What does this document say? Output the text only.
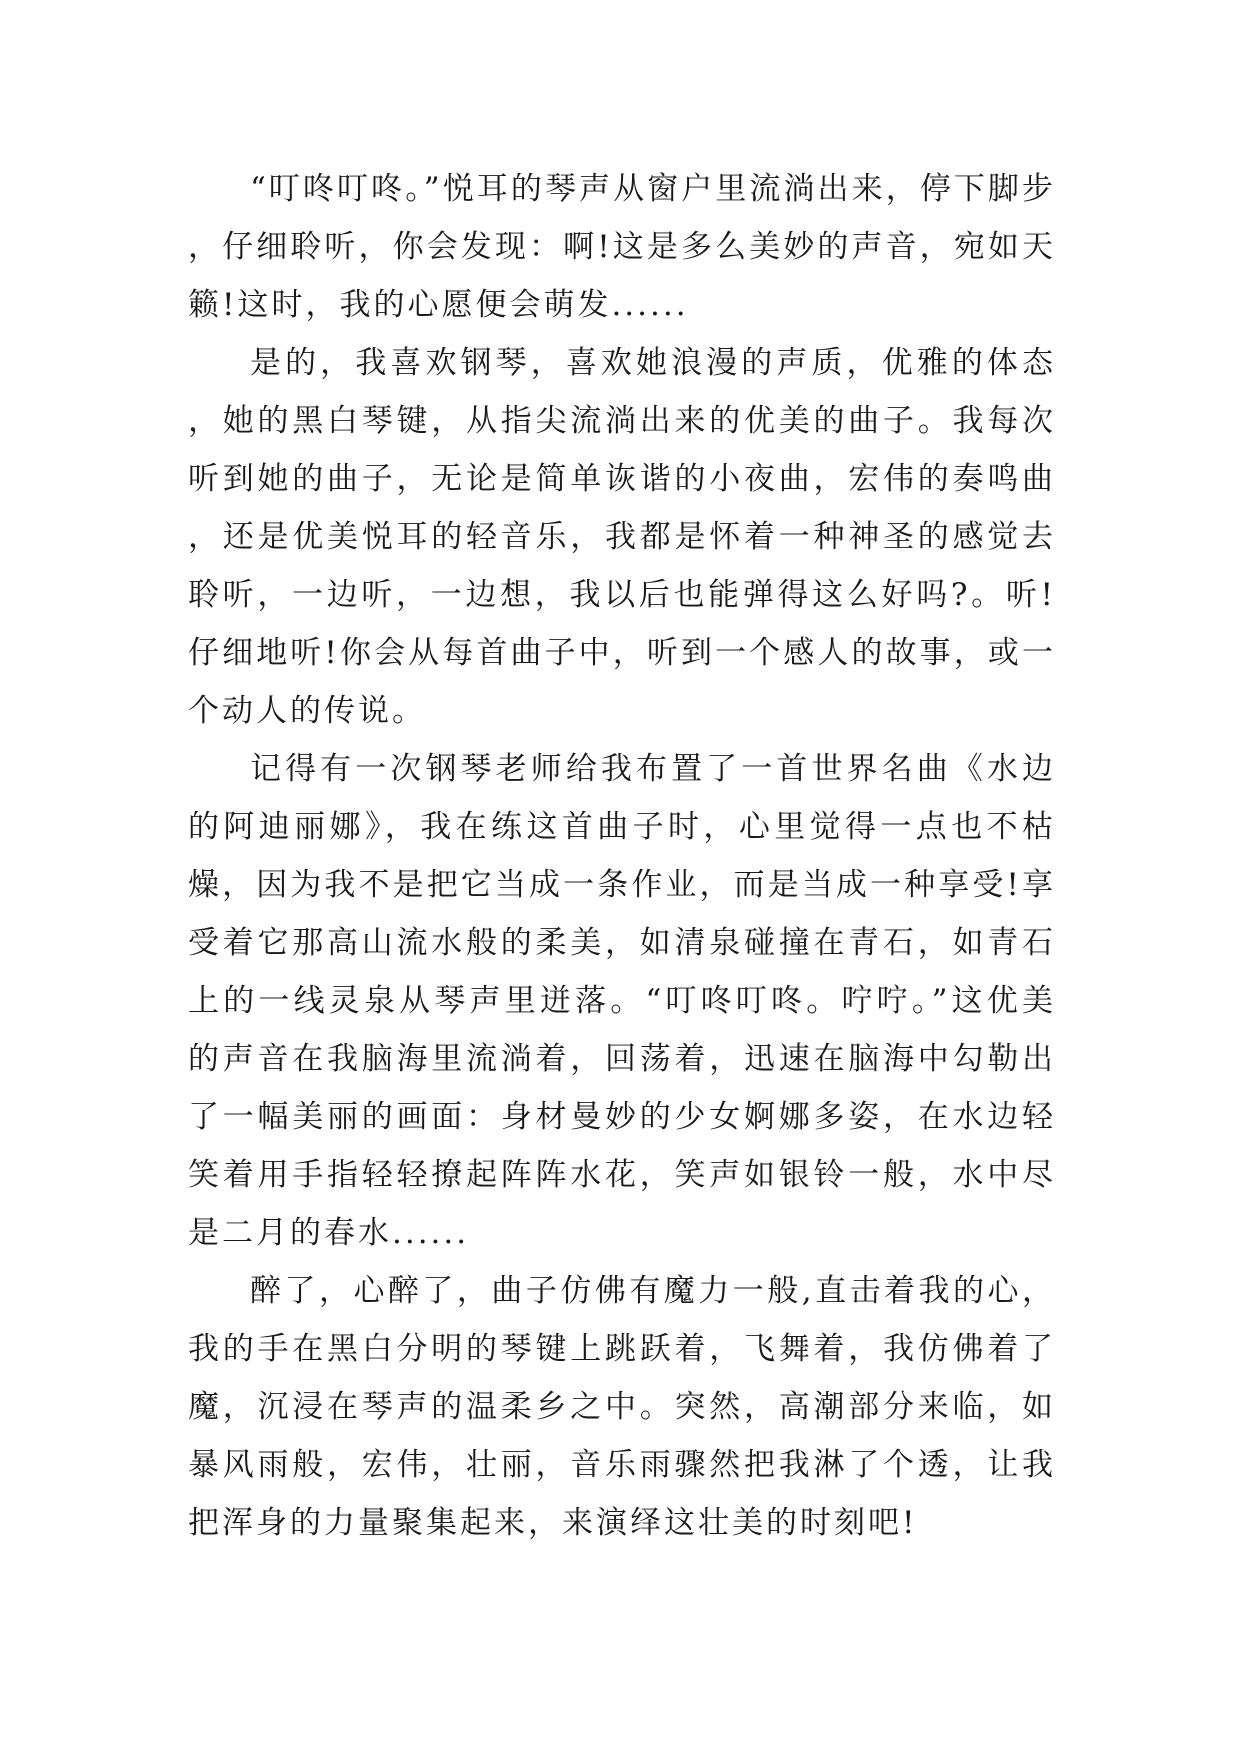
“叮咚叮咚。”悦耳的琴声从窗户里流淌出来，停下脚步，仔细聆听，你会发现：啊!这是多么美妙的声音，宛如天籁!这时，我的心愿便会萌发......

是的，我喜欢钢琴，喜欢她浪漫的声质，优雅的体态，她的黑白琴键，从指尖流淌出来的优美的曲子。我每次听到她的曲子，无论是简单诙谐的小夜曲，宏伟的奏鸣曲，还是优美悦耳的轻音乐，我都是怀着一种神圣的感觉去聆听，一边听，一边想，我以后也能弹得这么好吗?。听!仔细地听!你会从每首曲子中，听到一个感人的故事，或一个动人的传说。

记得有一次钢琴老师给我布置了一首世界名曲《水边的阿迪丽娜》，我在练这首曲子时，心里觉得一点也不枯燥，因为我不是把它当成一条作业，而是当成一种享受!享受着它那高山流水般的柔美，如清泉碰撞在青石，如青石上的一线灵泉从琴声里迸落。“叮咚叮咚。咛咛。”这优美的声音在我脑海里流淌着，回荡着，迅速在脑海中勾勒出了一幅美丽的画面：身材曼妙的少女婀娜多姿，在水边轻笑着用手指轻轻撩起阵阵水花，笑声如银铃一般，水中尽是二月的春水......

醉了，心醉了，曲子仿佛有魔力一般,直击着我的心，我的手在黑白分明的琴键上跳跃着，飞舞着，我仿佛着了魔，沉浸在琴声的温柔乡之中。突然，高潮部分来临，如暴风雨般，宏伟，壮丽，音乐雨骤然把我淋了个透，让我把浑身的力量聚集起来，来演绎这壮美的时刻吧!
